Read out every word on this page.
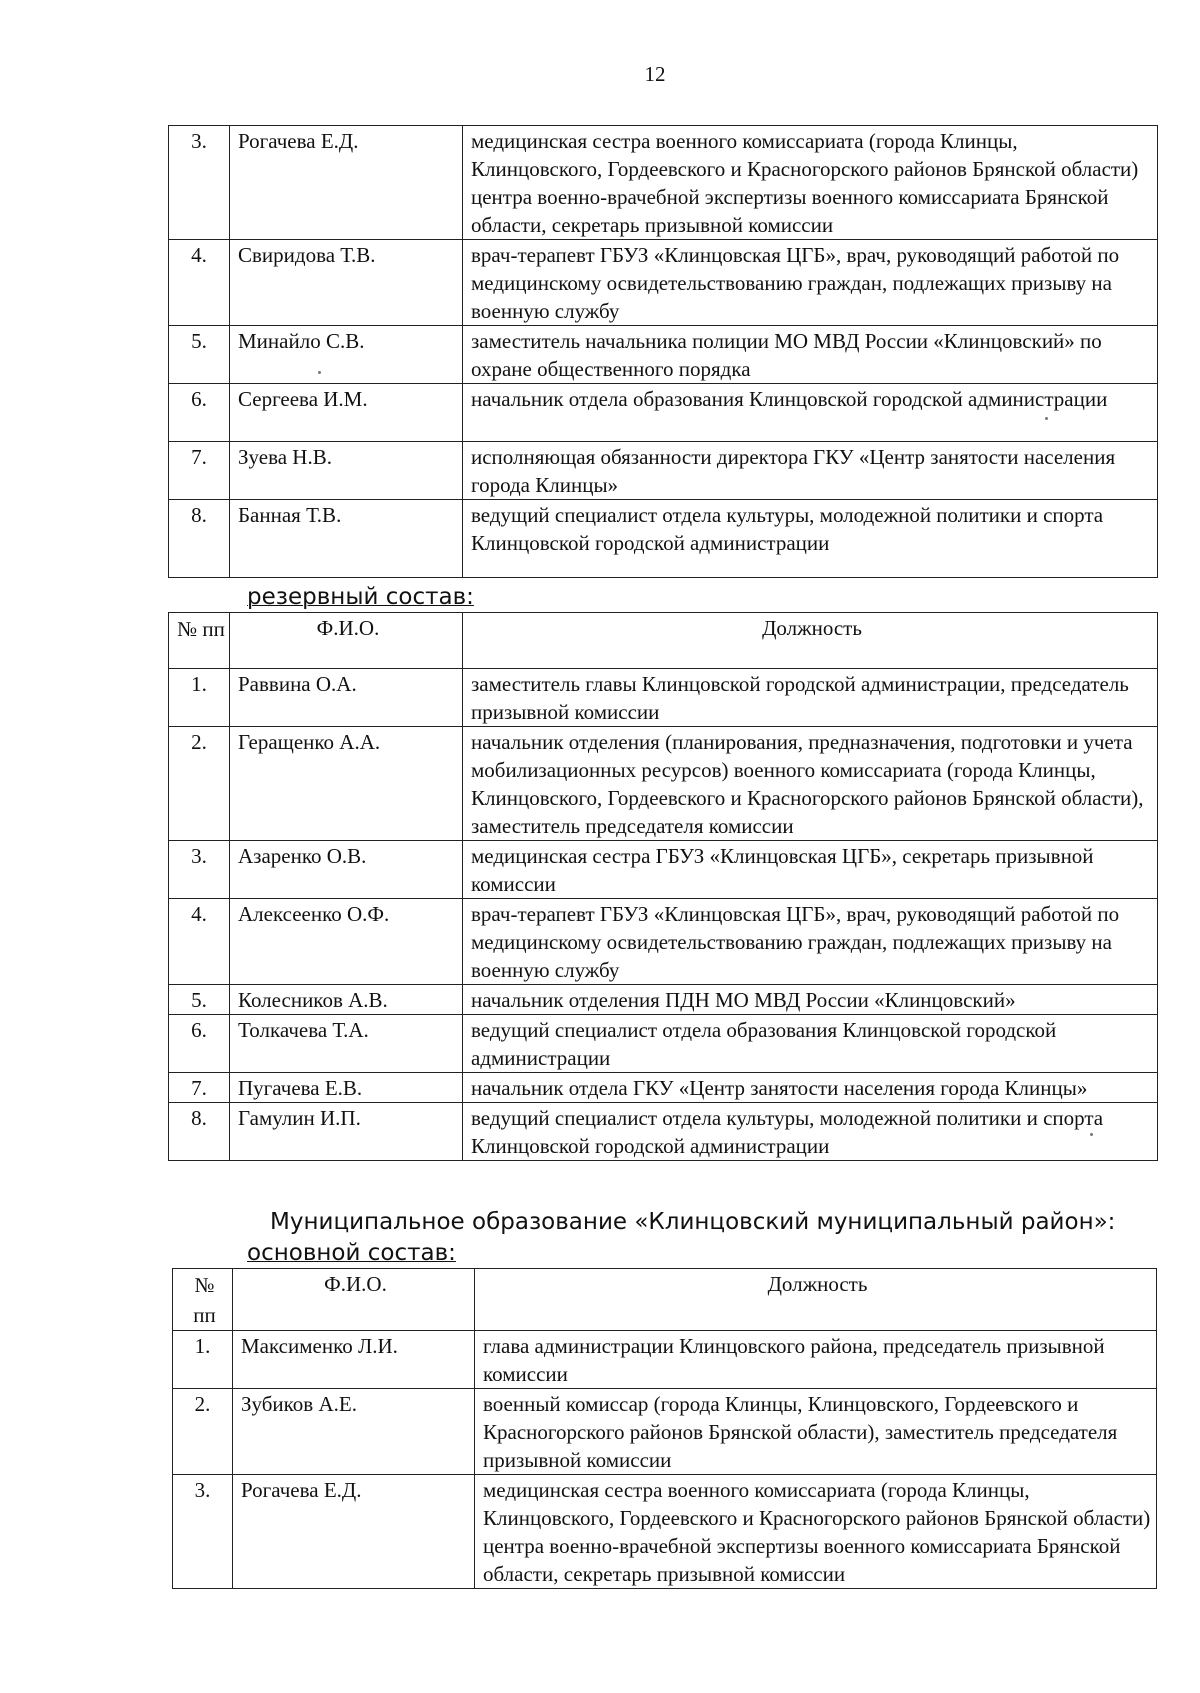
12
3.	Рогачева Е.Д.	медицинская сестра военного комиссариата (города Клинцы, Клинцовского, Гордеевского и Красногорского районов Брянской области) центра военно-врачебной экспертизы военного комиссариата Брянской области, секретарь призывной комиссии
4.	Свиридова Т.В.	врач-терапевт ГБУЗ «Клинцовская ЦГБ», врач, руководящий работой по медицинскому освидетельствованию граждан, подлежащих призыву на военную службу
5.	Минайло С.В.	заместитель начальника полиции МО МВД России «Клинцовский» по охране общественного порядка
6.	Сергеева И.М.	начальник отдела образования Клинцовской городской администрации
7.	Зуева Н.В.	исполняющая обязанности директора ГКУ «Центр занятости населения города Клинцы»
8.	Банная Т.В.	ведущий специалист отдела культуры, молодежной политики и спорта Клинцовской городской администрации
резервный состав:
№ пп	Ф.И.О.	Должность
1.	Раввина О.А.	заместитель главы Клинцовской городской администрации, председатель призывной комиссии
2.	Геращенко А.А.	начальник отделения (планирования, предназначения, подготовки и учета мобилизационных ресурсов) военного комиссариата (города Клинцы, Клинцовского, Гордеевского и Красногорского районов Брянской области), заместитель председателя комиссии
3.	Азаренко О.В.	медицинская сестра ГБУЗ «Клинцовская ЦГБ», секретарь призывной комиссии
4.	Алексеенко О.Ф.	врач-терапевт ГБУЗ «Клинцовская ЦГБ», врач, руководящий работой по медицинскому освидетельствованию граждан, подлежащих призыву на военную службу
5.	Колесников А.В.	начальник отделения ПДН МО МВД России «Клинцовский»
6.	Толкачева Т.А.	ведущий специалист отдела образования Клинцовской городской администрации
7.	Пугачева Е.В.	начальник отдела ГКУ «Центр занятости населения города Клинцы»
8.	Гамулин И.П.	ведущий специалист отдела культуры, молодежной политики и спорта Клинцовской городской администрации
Муниципальное образование «Клинцовский муниципальный район»:
основной состав:
№ пп	Ф.И.О.	Должность
1.	Максименко Л.И.	глава администрации Клинцовского района, председатель призывной комиссии
2.	Зубиков А.Е.	военный комиссар (города Клинцы, Клинцовского, Гордеевского и Красногорского районов Брянской области), заместитель председателя призывной комиссии
3.	Рогачева Е.Д.	медицинская сестра военного комиссариата (города Клинцы, Клинцовского, Гордеевского и Красногорского районов Брянской области) центра военно-врачебной экспертизы военного комиссариата Брянской области, секретарь призывной комиссии
